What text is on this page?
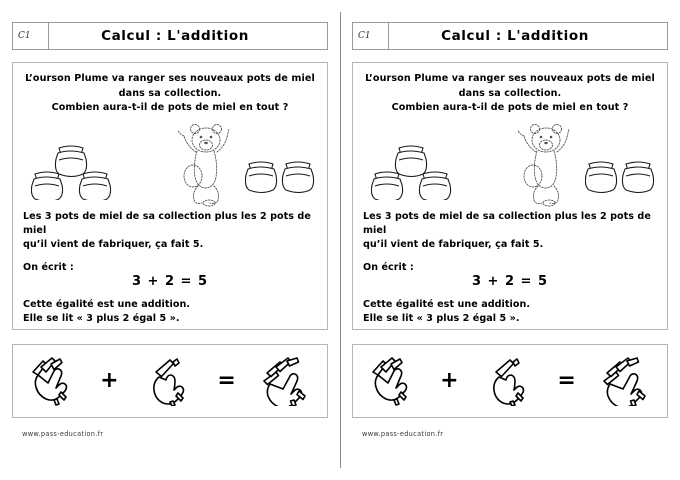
C1	Calcul : L'addition
L’ourson Plume va ranger ses nouveaux pots de miel
dans sa collection.
Combien aura-t-il de pots de miel en tout ?

Les 3 pots de miel de sa collection plus les 2 pots de miel

qu’il vient de fabriquer, ça fait 5.

On écrit :

3 + 2 = 5

Cette égalité est une addition.

Elle se lit « 3 plus 2 égal 5 ».

+	=
www.pass-education.fr
C1	Calcul : L'addition
L’ourson Plume va ranger ses nouveaux pots de miel
dans sa collection.
Combien aura-t-il de pots de miel en tout ?

Les 3 pots de miel de sa collection plus les 2 pots de miel

qu’il vient de fabriquer, ça fait 5.

On écrit :

3 + 2 = 5

Cette égalité est une addition.

Elle se lit « 3 plus 2 égal 5 ».

+	=
www.pass-education.fr
